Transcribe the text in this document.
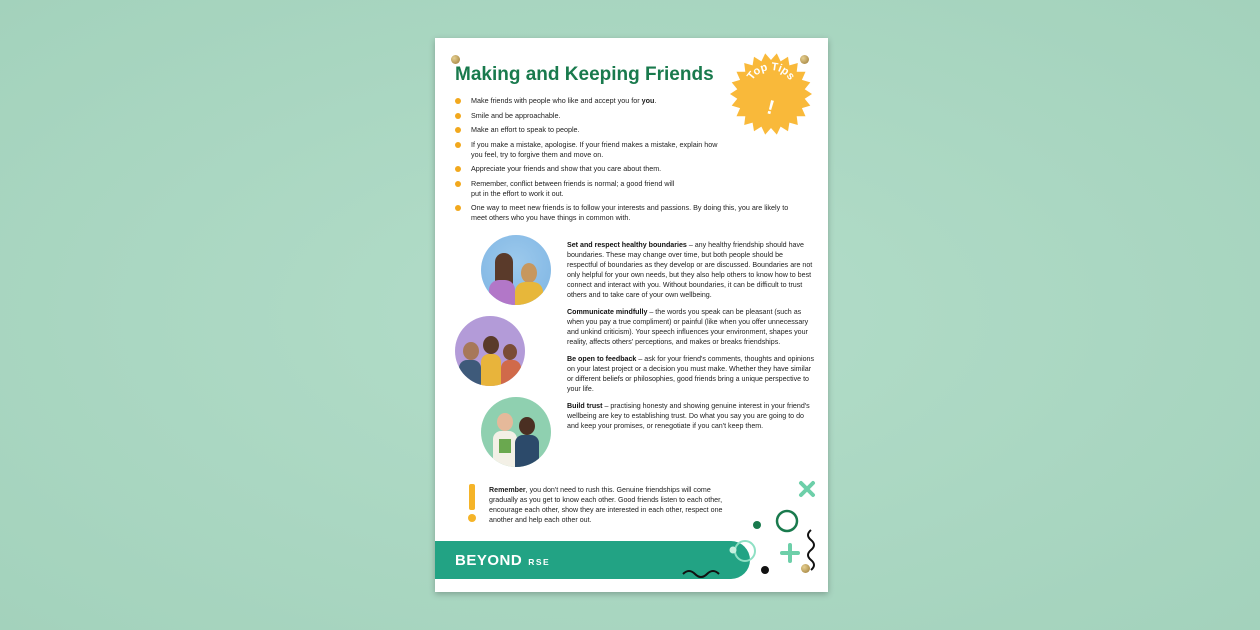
Making and Keeping Friends	Top Tips
!
Make friends with people who like and accept you for you.
Smile and be approachable.
Make an effort to speak to people.
If you make a mistake, apologise. If your friend makes a mistake, explain how you feel, try to forgive them and move on.
Appreciate your friends and show that you care about them.
Remember, conflict between friends is normal; a good friend will put in the effort to work it out.
One way to meet new friends is to follow your interests and passions. By doing this, you are likely to meet others who you have things in common with.

Set and respect healthy boundaries – any healthy friendship should have boundaries. These may change over time, but both people should be respectful of boundaries as they develop or are discussed. Boundaries are not only helpful for your own needs, but they also help others to know how to best connect and interact with you. Without boundaries, it can be difficult to trust others and to take care of your own wellbeing.

Communicate mindfully – the words you speak can be pleasant (such as when you pay a true compliment) or painful (like when you offer unnecessary and unkind criticism). Your speech influences your environment, shapes your reality, affects others' perceptions, and makes or breaks friendships.

Be open to feedback – ask for your friend's comments, thoughts and opinions on your latest project or a decision you must make. Whether they have similar or different beliefs or philosophies, good friends bring a unique perspective to your life.

Build trust – practising honesty and showing genuine interest in your friend's wellbeing are key to establishing trust. Do what you say you are going to do and keep your promises, or renegotiate if you can't keep them.

Remember, you don't need to rush this. Genuine friendships will come gradually as you get to know each other. Good friends listen to each other, encourage each other, show they are interested in each other, respect one another and help each other out.

BEYOND RSE
